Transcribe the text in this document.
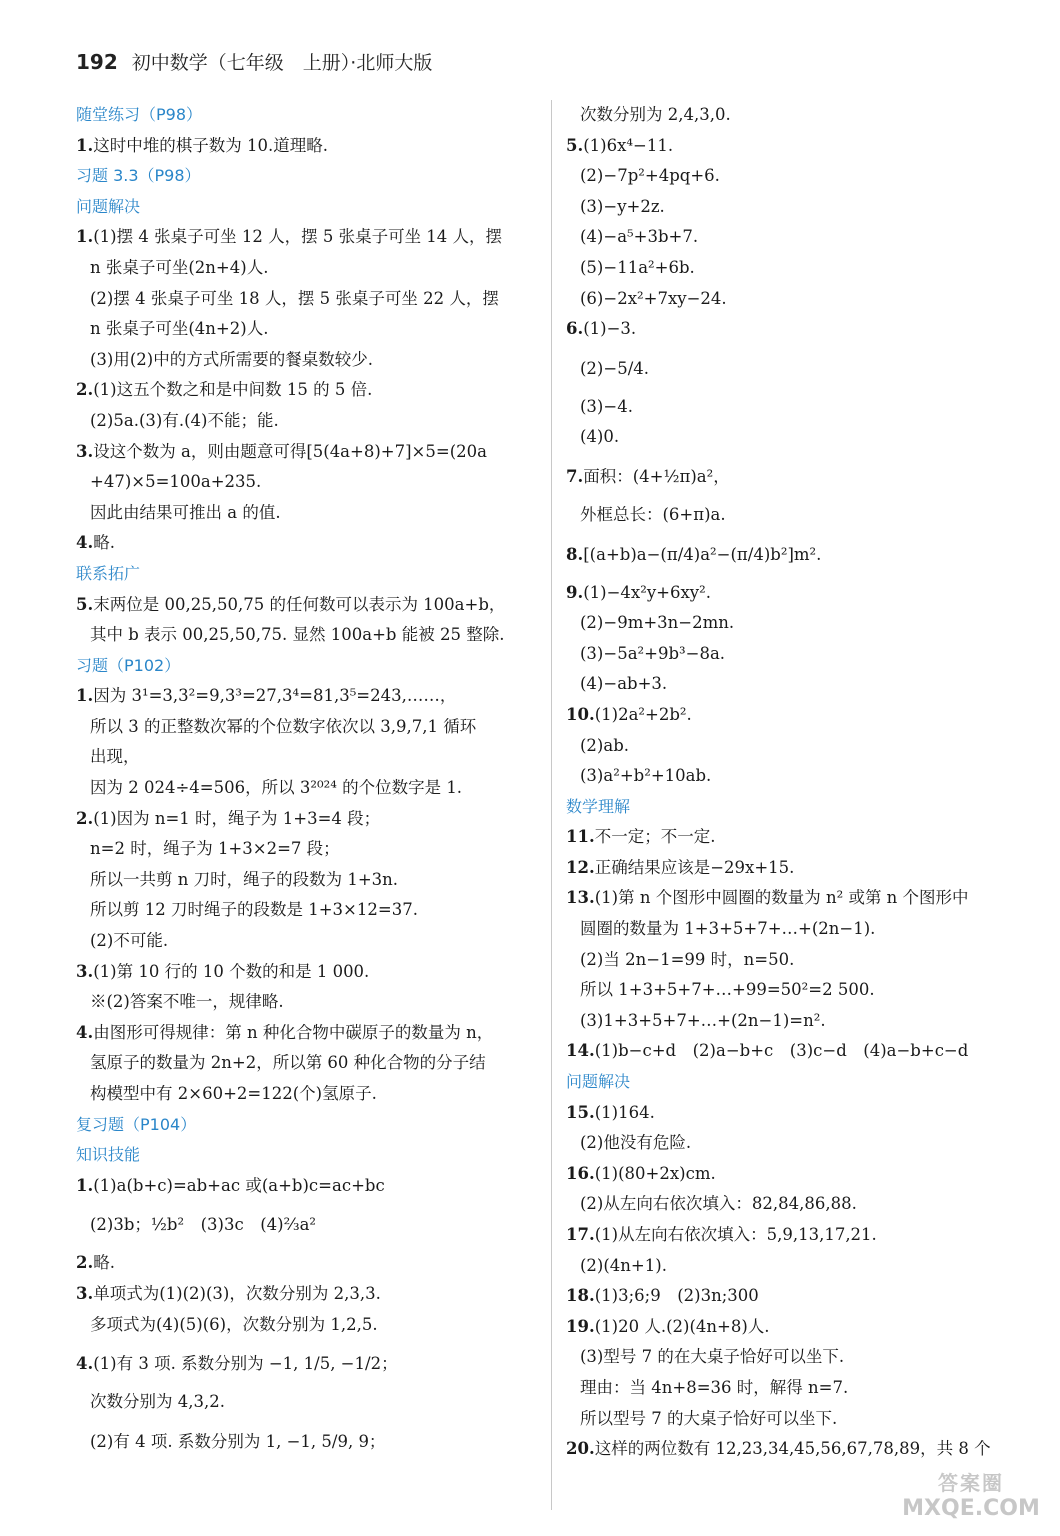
192 初中数学（七年级　上册）·北师大版
随堂练习（P98）
1.这时中堆的棋子数为 10.道理略.
习题 3.3（P98）
问题解决
1.(1)摆 4 张桌子可坐 12 人，摆 5 张桌子可坐 14 人，摆
n 张桌子可坐(2n+4)人.
(2)摆 4 张桌子可坐 18 人，摆 5 张桌子可坐 22 人，摆
n 张桌子可坐(4n+2)人.
(3)用(2)中的方式所需要的餐桌数较少.
2.(1)这五个数之和是中间数 15 的 5 倍.
(2)5a.(3)有.(4)不能；能.
3.设这个数为 a，则由题意可得[5(4a+8)+7]×5=(20a
+47)×5=100a+235.
因此由结果可推出 a 的值.
4.略.
联系拓广
5.末两位是 00,25,50,75 的任何数可以表示为 100a+b，
其中 b 表示 00,25,50,75. 显然 100a+b 能被 25 整除.
习题（P102）
1.因为 3¹=3,3²=9,3³=27,3⁴=81,3⁵=243,……，
所以 3 的正整数次幂的个位数字依次以 3,9,7,1 循环
出现，
因为 2 024÷4=506，所以 3²⁰²⁴ 的个位数字是 1.
2.(1)因为 n=1 时，绳子为 1+3=4 段；
n=2 时，绳子为 1+3×2=7 段；
所以一共剪 n 刀时，绳子的段数为 1+3n.
所以剪 12 刀时绳子的段数是 1+3×12=37.
(2)不可能.
3.(1)第 10 行的 10 个数的和是 1 000.
※(2)答案不唯一，规律略.
4.由图形可得规律：第 n 种化合物中碳原子的数量为 n，
氢原子的数量为 2n+2，所以第 60 种化合物的分子结
构模型中有 2×60+2=122(个)氢原子.
复习题（P104）
知识技能
1.(1)a(b+c)=ab+ac 或(a+b)c=ac+bc
(2)3b；½b²　(3)3c　(4)⅔a²
2.略.
3.单项式为(1)(2)(3)，次数分别为 2,3,3.
多项式为(4)(5)(6)，次数分别为 1,2,5.
4.(1)有 3 项. 系数分别为 −1, 1/5, −1/2；
次数分别为 4,3,2.
(2)有 4 项. 系数分别为 1, −1, 5/9, 9；
次数分别为 2,4,3,0.
5.(1)6x⁴−11.
(2)−7p²+4pq+6.
(3)−y+2z.
(4)−a⁵+3b+7.
(5)−11a²+6b.
(6)−2x²+7xy−24.
6.(1)−3.
(2)−5/4.
(3)−4.
(4)0.
7.面积：(4+½π)a²，
外框总长：(6+π)a.
8.[(a+b)a−(π/4)a²−(π/4)b²]m².
9.(1)−4x²y+6xy².
(2)−9m+3n−2mn.
(3)−5a²+9b³−8a.
(4)−ab+3.
10.(1)2a²+2b².
(2)ab.
(3)a²+b²+10ab.
数学理解
11.不一定；不一定.
12.正确结果应该是−29x+15.
13.(1)第 n 个图形中圆圈的数量为 n² 或第 n 个图形中
圆圈的数量为 1+3+5+7+…+(2n−1).
(2)当 2n−1=99 时，n=50.
所以 1+3+5+7+…+99=50²=2 500.
(3)1+3+5+7+…+(2n−1)=n².
14.(1)b−c+d　(2)a−b+c　(3)c−d　(4)a−b+c−d
问题解决
15.(1)164.
(2)他没有危险.
16.(1)(80+2x)cm.
(2)从左向右依次填入：82,84,86,88.
17.(1)从左向右依次填入：5,9,13,17,21.
(2)(4n+1).
18.(1)3;6;9　(2)3n;300
19.(1)20 人.(2)(4n+8)人.
(3)型号 7 的在大桌子恰好可以坐下.
理由：当 4n+8=36 时，解得 n=7.
所以型号 7 的大桌子恰好可以坐下.
20.这样的两位数有 12,23,34,45,56,67,78,89，共 8 个
答案圈
MXQE.COM
